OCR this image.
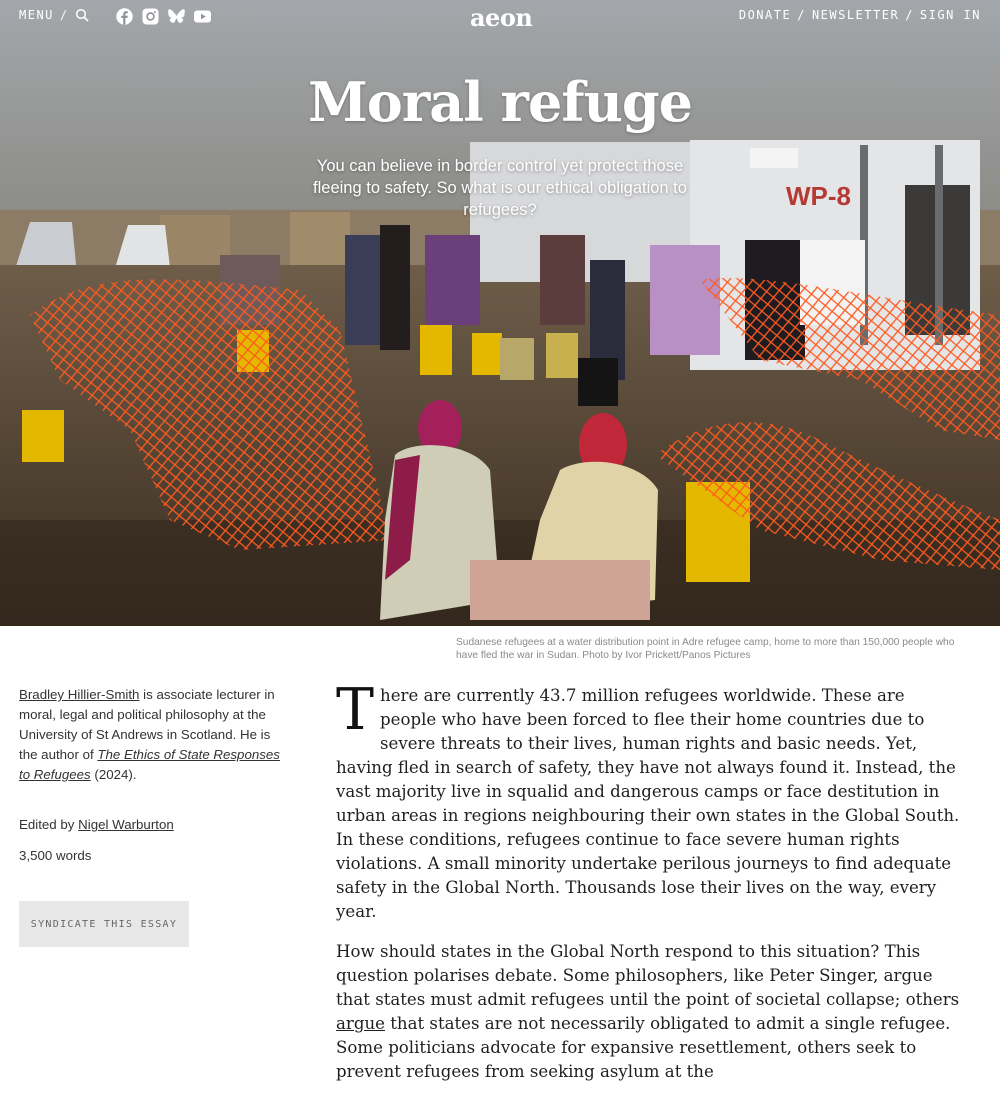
WP-8
MENU /	aeon	DONATE / NEWSLETTER / SIGN IN
Moral refuge

You can believe in border control yet protect those fleeing to safety. So what is our ethical obligation to refugees?

Sudanese refugees at a water distribution point in Adre refugee camp, home to more than 150,000 people who have fled the war in Sudan. Photo by Ivor Prickett/Panos Pictures

Bradley Hillier-Smith is associate lecturer in moral, legal and political philosophy at the University of St Andrews in Scotland. He is the author of The Ethics of State Responses to Refugees (2024).
Edited by Nigel Warburton
3,500 words
SYNDICATE THIS ESSAY

There are currently 43.7 million refugees worldwide. These are people who have been forced to flee their home countries due to severe threats to their lives, human rights and basic needs. Yet, having fled in search of safety, they have not always found it. Instead, the vast majority live in squalid and dangerous camps or face destitution in urban areas in regions neighbouring their own states in the Global South. In these conditions, refugees continue to face severe human rights violations. A small minority undertake perilous journeys to find adequate safety in the Global North. Thousands lose their lives on the way, every year.

How should states in the Global North respond to this situation? This question polarises debate. Some philosophers, like Peter Singer, argue that states must admit refugees until the point of societal collapse; others argue that states are not necessarily obligated to admit a single refugee. Some politicians advocate for expansive resettlement, others seek to prevent refugees from seeking asylum at the
